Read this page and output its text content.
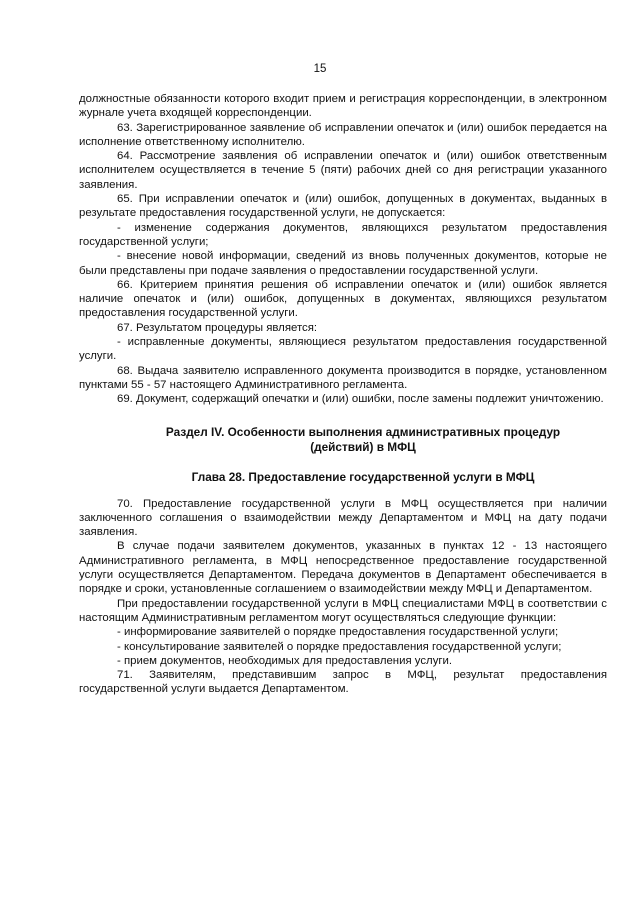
15

должностные обязанности которого входит прием и регистрация корреспонденции, в электронном журнале учета входящей корреспонденции.

63. Зарегистрированное заявление об исправлении опечаток и (или) ошибок передается на исполнение ответственному исполнителю.

64. Рассмотрение заявления об исправлении опечаток и (или) ошибок ответственным исполнителем осуществляется в течение 5 (пяти) рабочих дней со дня регистрации указанного заявления.

65. При исправлении опечаток и (или) ошибок, допущенных в документах, выданных в результате предоставления государственной услуги, не допускается:

- изменение содержания документов, являющихся результатом предоставления государственной услуги;

- внесение новой информации, сведений из вновь полученных документов, которые не были представлены при подаче заявления о предоставлении государственной услуги.

66. Критерием принятия решения об исправлении опечаток и (или) ошибок является наличие опечаток и (или) ошибок, допущенных в документах, являющихся результатом предоставления государственной услуги.

67. Результатом процедуры является:

- исправленные документы, являющиеся результатом предоставления государственной услуги.

68. Выдача заявителю исправленного документа производится в порядке, установленном пунктами 55 - 57 настоящего Административного регламента.

69. Документ, содержащий опечатки и (или) ошибки, после замены подлежит уничтожению.

Раздел IV. Особенности выполнения административных процедур
(действий) в МФЦ

Глава 28. Предоставление государственной услуги в МФЦ

70. Предоставление государственной услуги в МФЦ осуществляется при наличии заключенного соглашения о взаимодействии между Департаментом и МФЦ на дату подачи заявления.

В случае подачи заявителем документов, указанных в пунктах 12 - 13 настоящего Административного регламента, в МФЦ непосредственное предоставление государственной услуги осуществляется Департаментом. Передача документов в Департамент обеспечивается в порядке и сроки, установленные соглашением о взаимодействии между МФЦ и Департаментом.

При предоставлении государственной услуги в МФЦ специалистами МФЦ в соответствии с настоящим Административным регламентом могут осуществляться следующие функции:

- информирование заявителей о порядке предоставления государственной услуги;

- консультирование заявителей о порядке предоставления государственной услуги;

- прием документов, необходимых для предоставления услуги.

71. Заявителям, представившим запрос в МФЦ, результат предоставления государственной услуги выдается Департаментом.
